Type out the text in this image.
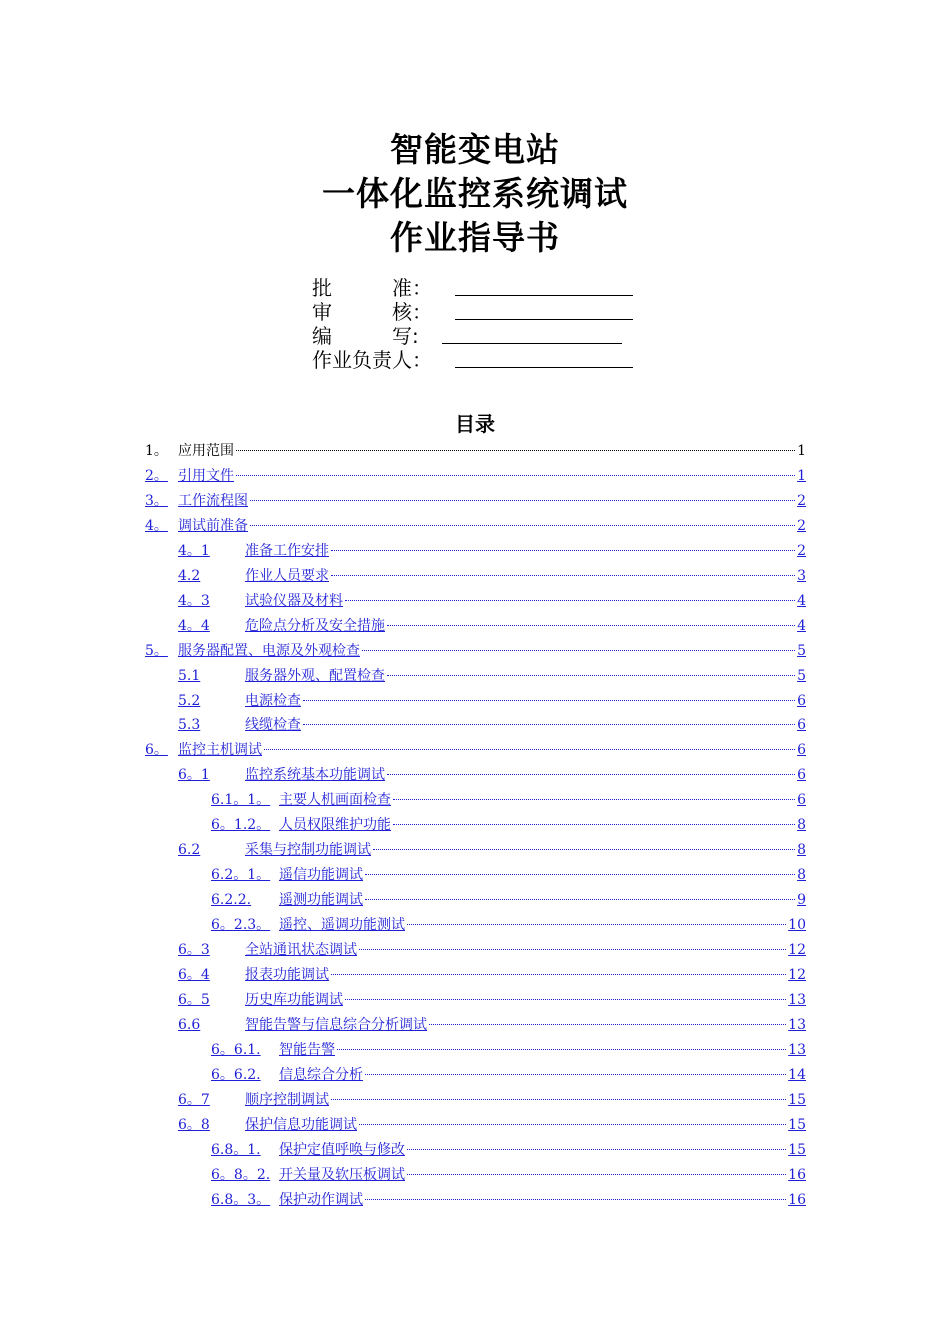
智能变电站
一体化监控系统调试
作业指导书
批　　　准：
审　　　核：
编　　　写:
作业负责人：
目录
1。 应用范围	1
2。 引用文件	1
3。 工作流程图	2
4。 调试前准备	2
4。1	准备工作安排	2
4.2	作业人员要求	3
4。3	试验仪器及材料	4
4。4	危险点分析及安全措施	4
5。 服务器配置、电源及外观检查	5
5.1	服务器外观、配置检查	5
5.2	电源检查	6
5.3	线缆检查	6
6。 监控主机调试	6
6。1	监控系统基本功能调试	6
6.1。1。 主要人机画面检查	6
6。1.2。 人员权限维护功能	8
6.2	采集与控制功能调试	8
6.2。1。 遥信功能调试	8
6.2.2.	遥测功能调试	9
6。2.3。 遥控、遥调功能测试	10
6。3	全站通讯状态调试	12
6。4	报表功能调试	12
6。5	历史库功能调试	13
6.6	智能告警与信息综合分析调试	13
6。6.1.	智能告警	13
6。6.2.	信息综合分析	14
6。7	顺序控制调试	15
6。8	保护信息功能调试	15
6.8。1.	保护定值呼唤与修改	15
6。8。2. 开关量及软压板调试	16
6.8。3。 保护动作调试	16
